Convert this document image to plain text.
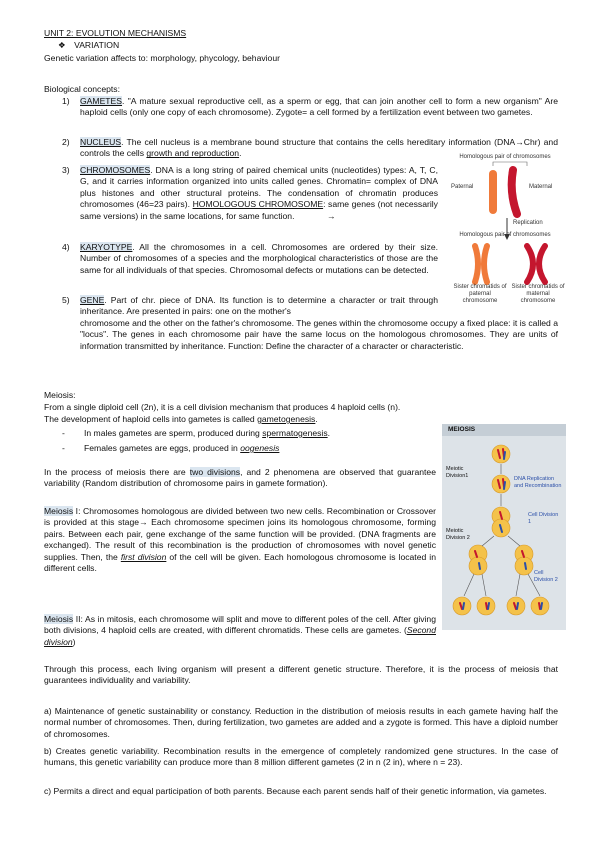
UNIT 2: EVOLUTION MECHANISMS
❖ VARIATION
Genetic variation affects to: morphology, phycology, behaviour
Biological concepts:
1) GAMETES. "A mature sexual reproductive cell, as a sperm or egg, that can join another cell to form a new organism" Are haploid cells (only one copy of each chromosome). Zygote= a cell formed by a fertilization event between two gametes.
2) NUCLEUS. The cell nucleus is a membrane bound structure that contains the cells hereditary information (DNA→Chr) and controls the cells growth and reproduction.
3) CHROMOSOMES. DNA is a long string of paired chemical units (nucleotides) types: A, T, C, G, and it carries information organized into units called genes. Chromatin= complex of DNA plus histones and other structural proteins. The condensation of chromatin produces chromosomes (46=23 pairs). HOMOLOGOUS CHROMOSOME: same genes (not necessarily same versions) in the same locations, for same function.	→
4) KARYOTYPE. All the chromosomes in a cell. Chromosomes are ordered by their size. Number of chromosomes of a species and the morphological characteristics of those are the same for all individuals of that species. Chromosomal defects or mutations can be detected.
5) GENE. Part of chr. piece of DNA. Its function is to determine a character or trait through inheritance. Are presented in pairs: one on the mother's
chromosome and the other on the father's chromosome. The genes within the chromosome occupy a fixed place: it is called a "locus". The genes in each chromosome pair have the same locus on the homologous chromosomes. They are units of information transmitted by inheritance. Function: Define the character of a character or characteristic.
Homologous pair of chromosomes
Paternal	Maternal
Replication
Homologous pair of chromosomes
Sister chromatids of paternal chromosome
Sister chromatids of maternal chromosome
Meiosis:
From a single diploid cell (2n), it is a cell division mechanism that produces 4 haploid cells (n).
The development of haploid cells into gametes is called gametogenesis.
- In males gametes are sperm, produced during spermatogenesis.
- Females gametes are eggs, produced in oogenesis
In the process of meiosis there are two divisions, and 2 phenomena are observed that guarantee variability (Random distribution of chromosome pairs in gamete formation).
Meiosis I: Chromosomes homologous are divided between two new cells. Recombination or Crossover is provided at this stage→ Each chromosome specimen joins its homologous chromosome, forming pairs. Between each pair, gene exchange of the same function will be provided. (DNA fragments are exchanged). The result of this recombination is the production of chromosomes with novel genetic supplies. Then, the first division of the cell will be given. Each homologous chromosome is located in different cells.
Meiosis II: As in mitosis, each chromosome will split and move to different poles of the cell. After giving both divisions, 4 haploid cells are created, with different chromatids. These cells are gametes. (Second division)
Through this process, each living organism will present a different genetic structure. Therefore, it is the process of meiosis that guarantees individuality and variability.
a) Maintenance of genetic sustainability or constancy. Reduction in the distribution of meiosis results in each gamete having half the normal number of chromosomes. Then, during fertilization, two gametes are added and a zygote is formed. This have a diploid number of chromosomes.
b) Creates genetic variability. Recombination results in the emergence of completely randomized gene structures. In the case of humans, this genetic variability can produce more than 8 million different gametes (2 in n (2 in), where n = 23).
c) Permits a direct and equal participation of both parents. Because each parent sends half of their genetic information, via gametes.
MEIOSIS
Meiotic Division1
DNA Replication and Recombination
Cell Division 1
Meiotic Division 2
Cell Division 2
